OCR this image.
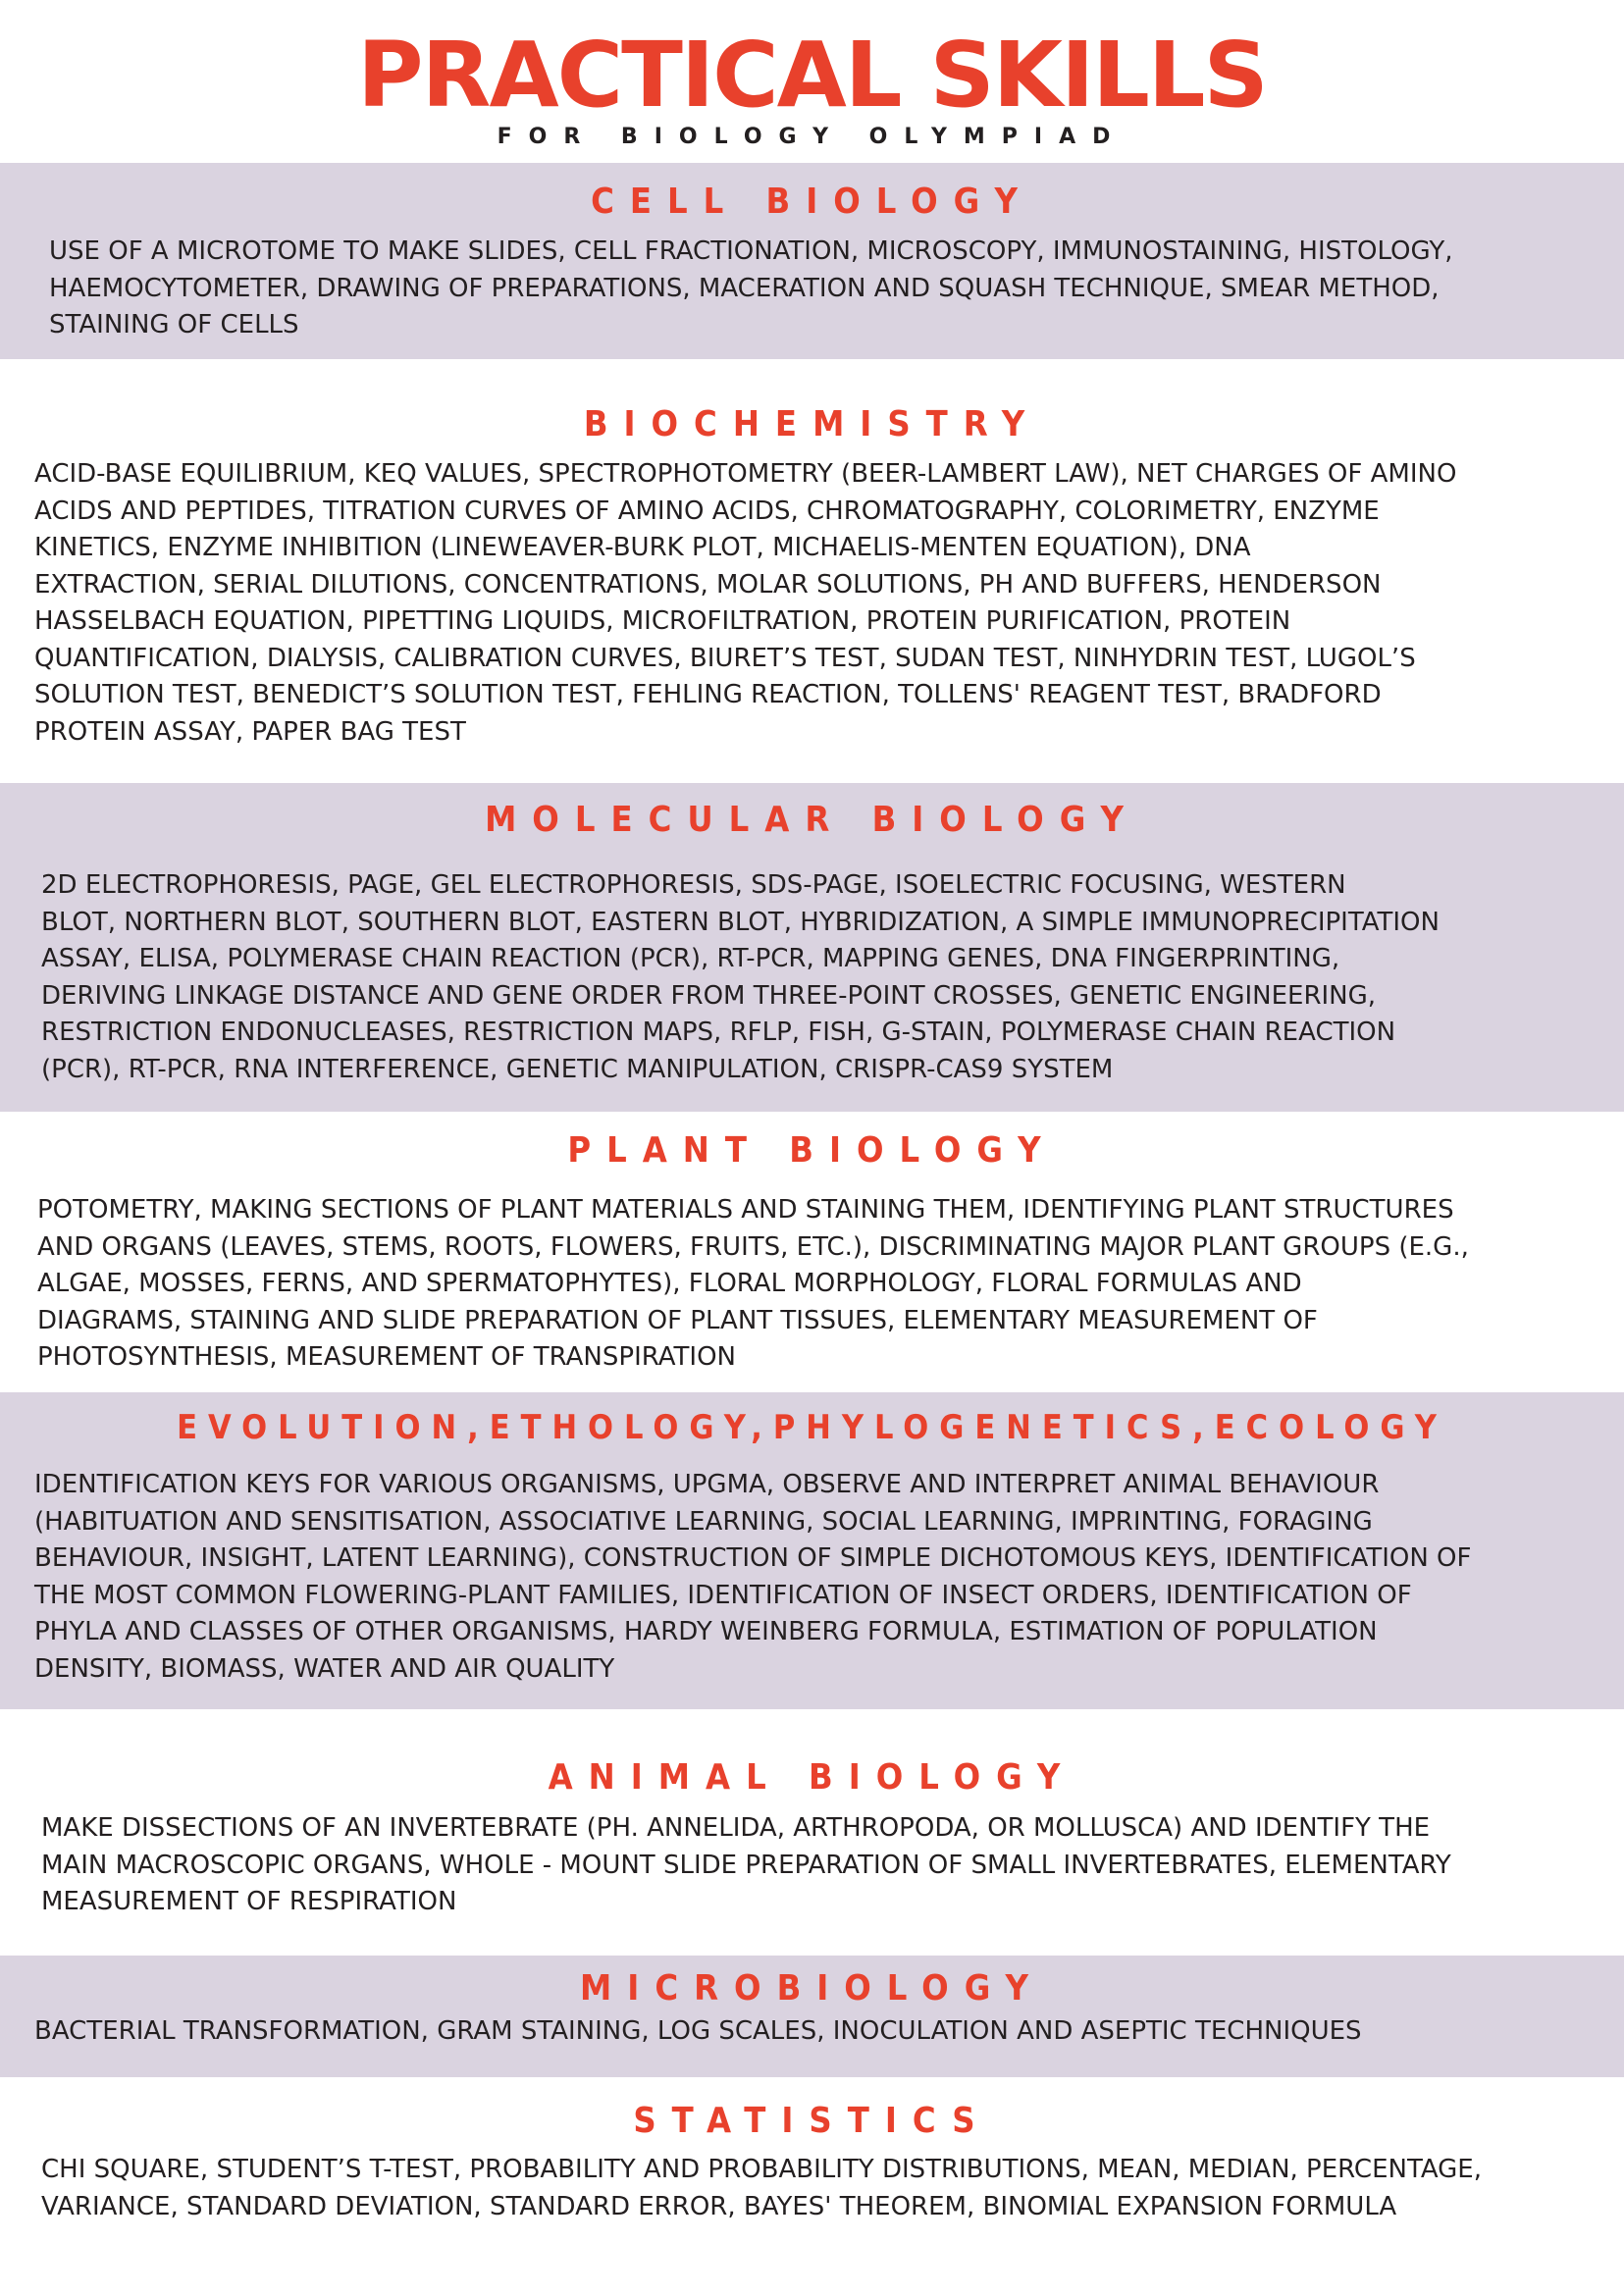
PRACTICAL SKILLS
FOR BIOLOGY OLYMPIAD
CELL BIOLOGY

USE OF A MICROTOME TO MAKE SLIDES, CELL FRACTIONATION, MICROSCOPY, IMMUNOSTAINING, HISTOLOGY,
HAEMOCYTOMETER, DRAWING OF PREPARATIONS, MACERATION AND SQUASH TECHNIQUE, SMEAR METHOD,
STAINING OF CELLS

BIOCHEMISTRY

ACID-BASE EQUILIBRIUM, KEQ VALUES, SPECTROPHOTOMETRY (BEER-LAMBERT LAW), NET CHARGES OF AMINO
ACIDS AND PEPTIDES, TITRATION CURVES OF AMINO ACIDS, CHROMATOGRAPHY, COLORIMETRY, ENZYME
KINETICS, ENZYME INHIBITION (LINEWEAVER-BURK PLOT, MICHAELIS-MENTEN EQUATION), DNA
EXTRACTION, SERIAL DILUTIONS, CONCENTRATIONS, MOLAR SOLUTIONS, PH AND BUFFERS, HENDERSON
HASSELBACH EQUATION, PIPETTING LIQUIDS, MICROFILTRATION, PROTEIN PURIFICATION, PROTEIN
QUANTIFICATION, DIALYSIS, CALIBRATION CURVES, BIURET’S TEST, SUDAN TEST, NINHYDRIN TEST, LUGOL’S
SOLUTION TEST, BENEDICT’S SOLUTION TEST, FEHLING REACTION, TOLLENS' REAGENT TEST, BRADFORD
PROTEIN ASSAY, PAPER BAG TEST

MOLECULAR BIOLOGY

2D ELECTROPHORESIS, PAGE, GEL ELECTROPHORESIS, SDS-PAGE, ISOELECTRIC FOCUSING, WESTERN
BLOT, NORTHERN BLOT, SOUTHERN BLOT, EASTERN BLOT, HYBRIDIZATION, A SIMPLE IMMUNOPRECIPITATION
ASSAY, ELISA, POLYMERASE CHAIN REACTION (PCR), RT-PCR, MAPPING GENES, DNA FINGERPRINTING,
DERIVING LINKAGE DISTANCE AND GENE ORDER FROM THREE-POINT CROSSES, GENETIC ENGINEERING,
RESTRICTION ENDONUCLEASES, RESTRICTION MAPS, RFLP, FISH, G-STAIN, POLYMERASE CHAIN REACTION
(PCR), RT-PCR, RNA INTERFERENCE, GENETIC MANIPULATION, CRISPR-CAS9 SYSTEM

PLANT BIOLOGY

POTOMETRY, MAKING SECTIONS OF PLANT MATERIALS AND STAINING THEM, IDENTIFYING PLANT STRUCTURES
AND ORGANS (LEAVES, STEMS, ROOTS, FLOWERS, FRUITS, ETC.), DISCRIMINATING MAJOR PLANT GROUPS (E.G.,
ALGAE, MOSSES, FERNS, AND SPERMATOPHYTES), FLORAL MORPHOLOGY, FLORAL FORMULAS AND
DIAGRAMS, STAINING AND SLIDE PREPARATION OF PLANT TISSUES, ELEMENTARY MEASUREMENT OF
PHOTOSYNTHESIS, MEASUREMENT OF TRANSPIRATION

EVOLUTION,ETHOLOGY,PHYLOGENETICS,ECOLOGY

IDENTIFICATION KEYS FOR VARIOUS ORGANISMS, UPGMA, OBSERVE AND INTERPRET ANIMAL BEHAVIOUR
(HABITUATION AND SENSITISATION, ASSOCIATIVE LEARNING, SOCIAL LEARNING, IMPRINTING, FORAGING
BEHAVIOUR, INSIGHT, LATENT LEARNING), CONSTRUCTION OF SIMPLE DICHOTOMOUS KEYS, IDENTIFICATION OF
THE MOST COMMON FLOWERING-PLANT FAMILIES, IDENTIFICATION OF INSECT ORDERS, IDENTIFICATION OF
PHYLA AND CLASSES OF OTHER ORGANISMS, HARDY WEINBERG FORMULA, ESTIMATION OF POPULATION
DENSITY, BIOMASS, WATER AND AIR QUALITY

ANIMAL BIOLOGY

MAKE DISSECTIONS OF AN INVERTEBRATE (PH. ANNELIDA, ARTHROPODA, OR MOLLUSCA) AND IDENTIFY THE
MAIN MACROSCOPIC ORGANS, WHOLE - MOUNT SLIDE PREPARATION OF SMALL INVERTEBRATES, ELEMENTARY
MEASUREMENT OF RESPIRATION

MICROBIOLOGY

BACTERIAL TRANSFORMATION, GRAM STAINING, LOG SCALES, INOCULATION AND ASEPTIC TECHNIQUES

STATISTICS

CHI SQUARE, STUDENT’S T-TEST, PROBABILITY AND PROBABILITY DISTRIBUTIONS, MEAN, MEDIAN, PERCENTAGE,
VARIANCE, STANDARD DEVIATION, STANDARD ERROR, BAYES' THEOREM, BINOMIAL EXPANSION FORMULA
